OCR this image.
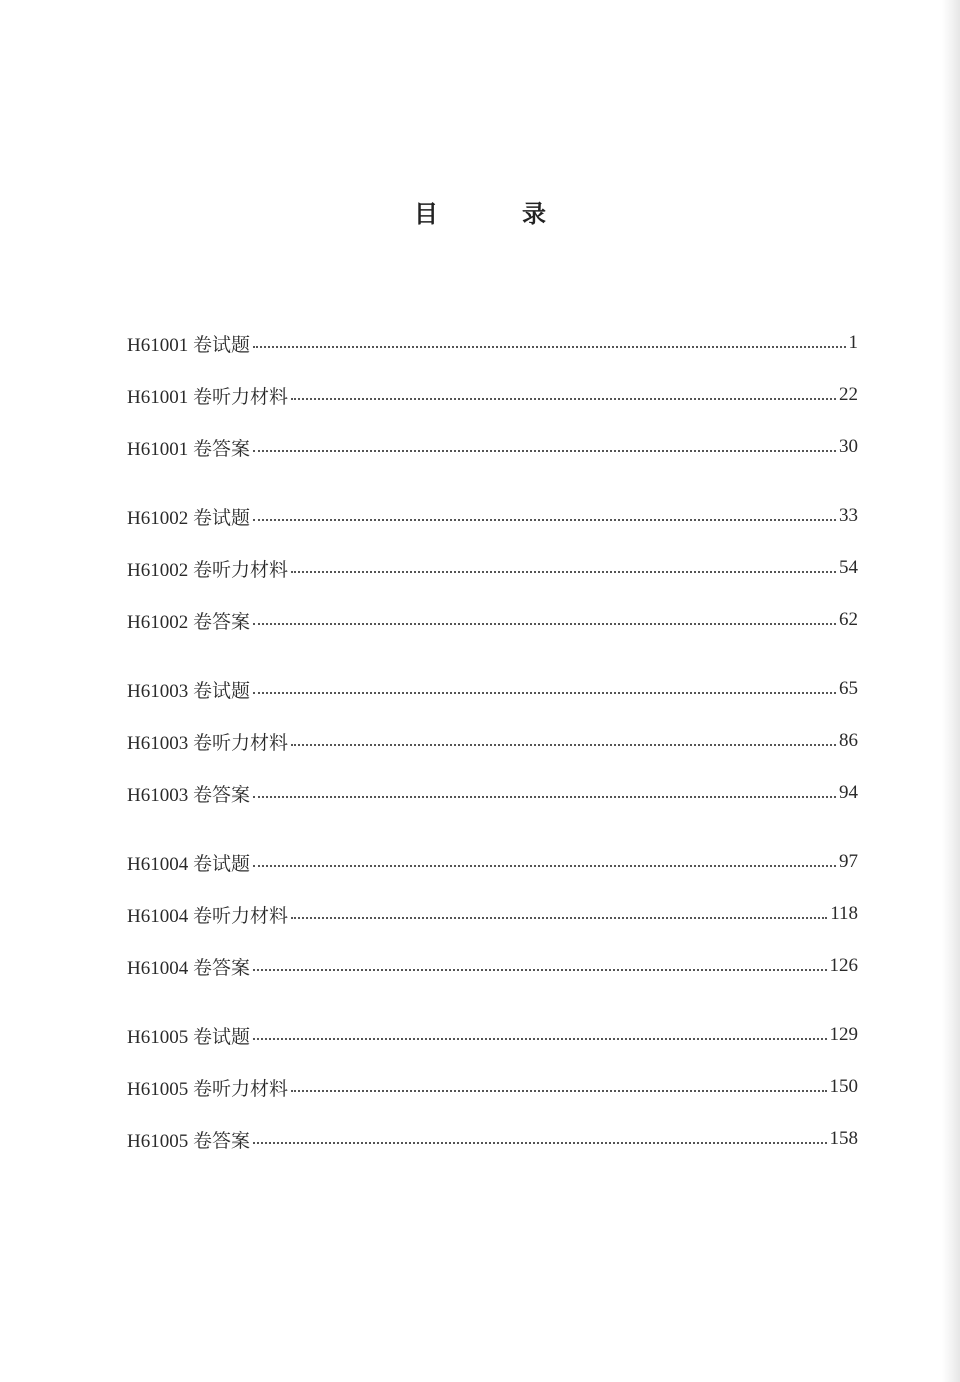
目　录
H61001 卷试题	1
H61001 卷听力材料	22
H61001 卷答案	30
H61002 卷试题	33
H61002 卷听力材料	54
H61002 卷答案	62
H61003 卷试题	65
H61003 卷听力材料	86
H61003 卷答案	94
H61004 卷试题	97
H61004 卷听力材料	118
H61004 卷答案	126
H61005 卷试题	129
H61005 卷听力材料	150
H61005 卷答案	158
